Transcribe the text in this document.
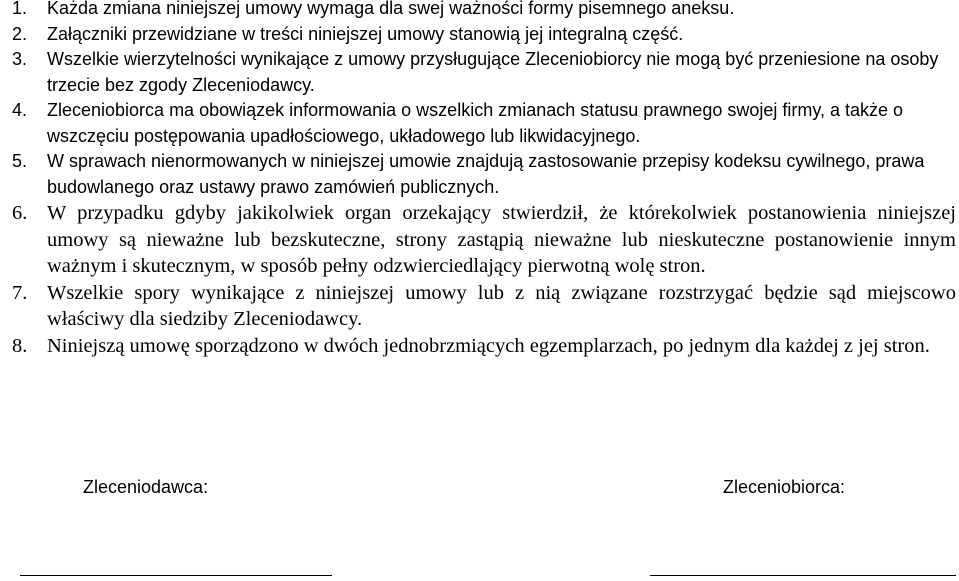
1.	Każda zmiana niniejszej umowy wymaga dla swej ważności formy pisemnego aneksu.
2.	Załączniki przewidziane w treści niniejszej umowy stanowią jej integralną część.
3.	Wszelkie wierzytelności wynikające z umowy przysługujące Zleceniobiorcy nie mogą być przeniesione na osoby trzecie bez zgody Zleceniodawcy.
4.	Zleceniobiorca ma obowiązek informowania o wszelkich zmianach statusu prawnego swojej firmy, a także o wszczęciu postępowania upadłościowego, układowego lub likwidacyjnego.
5.	W sprawach nienormowanych w niniejszej umowie znajdują zastosowanie przepisy kodeksu cywilnego, prawa budowlanego oraz ustawy prawo zamówień publicznych.
6. W przypadku gdyby jakikolwiek organ orzekający stwierdził, że którekolwiek postanowienia niniejszej umowy są nieważne lub bezskuteczne, strony zastąpią nieważne lub nieskuteczne postanowienie innym ważnym i skutecznym, w sposób pełny odzwierciedlający pierwotną wolę stron.
7. Wszelkie spory wynikające z niniejszej umowy lub z nią związane rozstrzygać będzie sąd miejscowo właściwy dla siedziby Zleceniodawcy.
8. Niniejszą umowę sporządzono w dwóch jednobrzmiących egzemplarzach, po jednym dla każdej z jej stron.
Zleceniodawca:	Zleceniobiorca:
